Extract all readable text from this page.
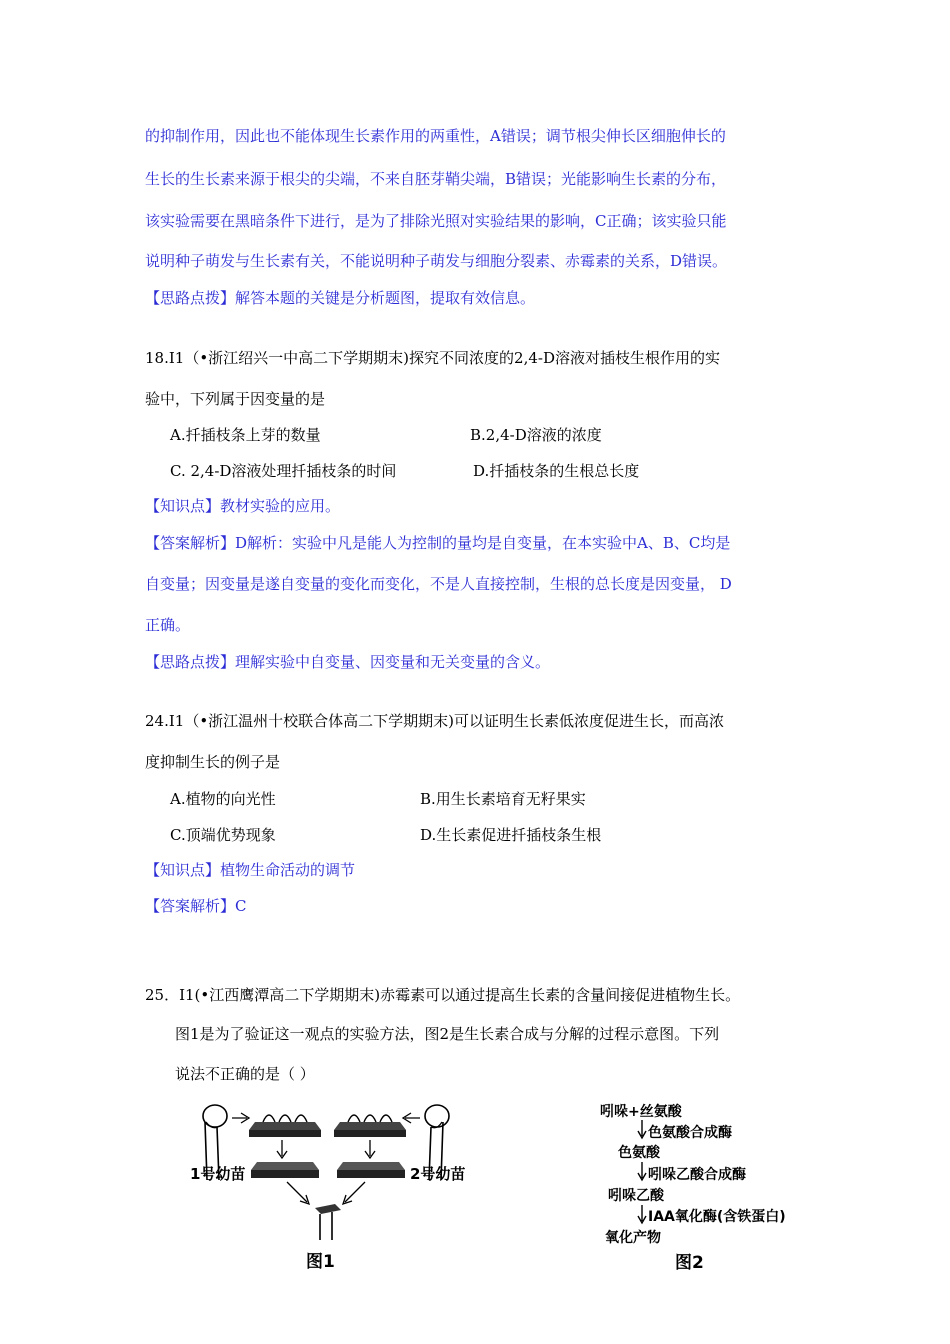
的抑制作用，因此也不能体现生长素作用的两重性，A错误；调节根尖伸长区细胞伸长的
生长的生长素来源于根尖的尖端，不来自胚芽鞘尖端，B错误；光能影响生长素的分布，
该实验需要在黑暗条件下进行，是为了排除光照对实验结果的影响，C正确；该实验只能
说明种子萌发与生长素有关，不能说明种子萌发与细胞分裂素、赤霉素的关系，D错误。
【思路点拨】解答本题的关键是分析题图，提取有效信息。
18.I1（•浙江绍兴一中高二下学期期末)探究不同浓度的2,4-D溶液对插枝生根作用的实
验中，下列属于因变量的是
A.扦插枝条上芽的数量	B.2,4-D溶液的浓度
C. 2,4-D溶液处理扦插枝条的时间	D.扦插枝条的生根总长度
【知识点】教材实验的应用。
【答案解析】D解析：实验中凡是能人为控制的量均是自变量，在本实验中A、B、C均是
自变量；因变量是遂自变量的变化而变化，不是人直接控制，生根的总长度是因变量， D
正确。
【思路点拨】理解实验中自变量、因变量和无关变量的含义。
24.I1（•浙江温州十校联合体高二下学期期末)可以证明生长素低浓度促进生长，而高浓
度抑制生长的例子是
A.植物的向光性	B.用生长素培育无籽果实
C.顶端优势现象	D.生长素促进扦插枝条生根
【知识点】植物生命活动的调节
【答案解析】C
25．I1(•江西鹰潭高二下学期期末)赤霉素可以通过提高生长素的含量间接促进植物生长。
图1是为了验证这一观点的实验方法，图2是生长素合成与分解的过程示意图。下列
说法不正确的是（ ）
1号幼苗	2号幼苗
图1
吲哚+丝氨酸
色氨酸合成酶
色氨酸
吲哚乙酸合成酶
吲哚乙酸
IAA氧化酶(含铁蛋白)
氧化产物
图2
